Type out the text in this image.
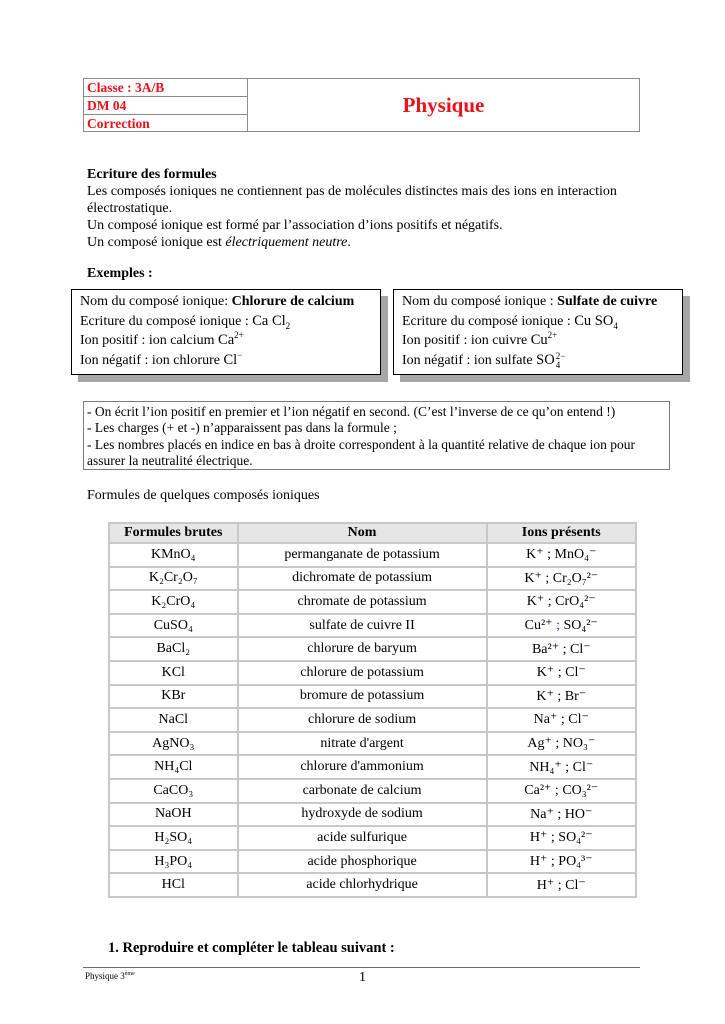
Classe : 3A/B
DM 04
Correction
Physique
Ecriture des formules
Les composés ioniques ne contiennent pas de molécules distinctes mais des ions en interaction électrostatique.
Un composé ionique est formé par l’association d’ions positifs et négatifs.
Un composé ionique est électriquement neutre.
Exemples :
Nom du composé ionique: Chlorure de calcium
Ecriture du composé ionique : Ca $Cl_2$
Ion positif : ion calcium $Ca^{2+}$
Ion négatif : ion chlorure Cl−
Nom du composé ionique : Sulfate de cuivre
Ecriture du composé ionique : Cu $SO_4$
Ion positif : ion cuivre $Cu^{2+}$
Ion négatif : ion sulfate SO 2−
4
- On écrit l’ion positif en premier et l’ion négatif en second. (C’est l’inverse de ce qu’on entend !)
- Les charges (+ et -) n’apparaissent pas dans la formule ;
- Les nombres placés en indice en bas à droite correspondent à la quantité relative de chaque ion pour assurer la neutralité électrique.
Formules de quelques composés ioniques
Formules brutes	Nom	Ions présents
KMnO₄	permanganate de potassium	K⁺ ; MnO₄⁻
K₂Cr₂O₇	dichromate de potassium	K⁺ ; Cr₂O₇²⁻
K₂CrO₄	chromate de potassium	K⁺ ; CrO₄²⁻
CuSO₄	sulfate de cuivre II	Cu²⁺ ; SO₄²⁻
BaCl₂	chlorure de baryum	Ba²⁺ ; Cl⁻
KCl	chlorure de potassium	K⁺ ; Cl⁻
KBr	bromure de potassium	K⁺ ; Br⁻
NaCl	chlorure de sodium	Na⁺ ; Cl⁻
AgNO₃	nitrate d'argent	Ag⁺ ; NO₃⁻
NH₄Cl	chlorure d'ammonium	NH₄⁺ ; Cl⁻
CaCO₃	carbonate de calcium	Ca²⁺ ; CO₃²⁻
NaOH	hydroxyde de sodium	Na⁺ ; HO⁻
H₂SO₄	acide sulfurique	H⁺ ; SO₄²⁻
H₃PO₄	acide phosphorique	H⁺ ; PO₄³⁻
HCl	acide chlorhydrique	H⁺ ; Cl⁻
1. Reproduire et compléter le tableau suivant :
Physique 3ème	1
